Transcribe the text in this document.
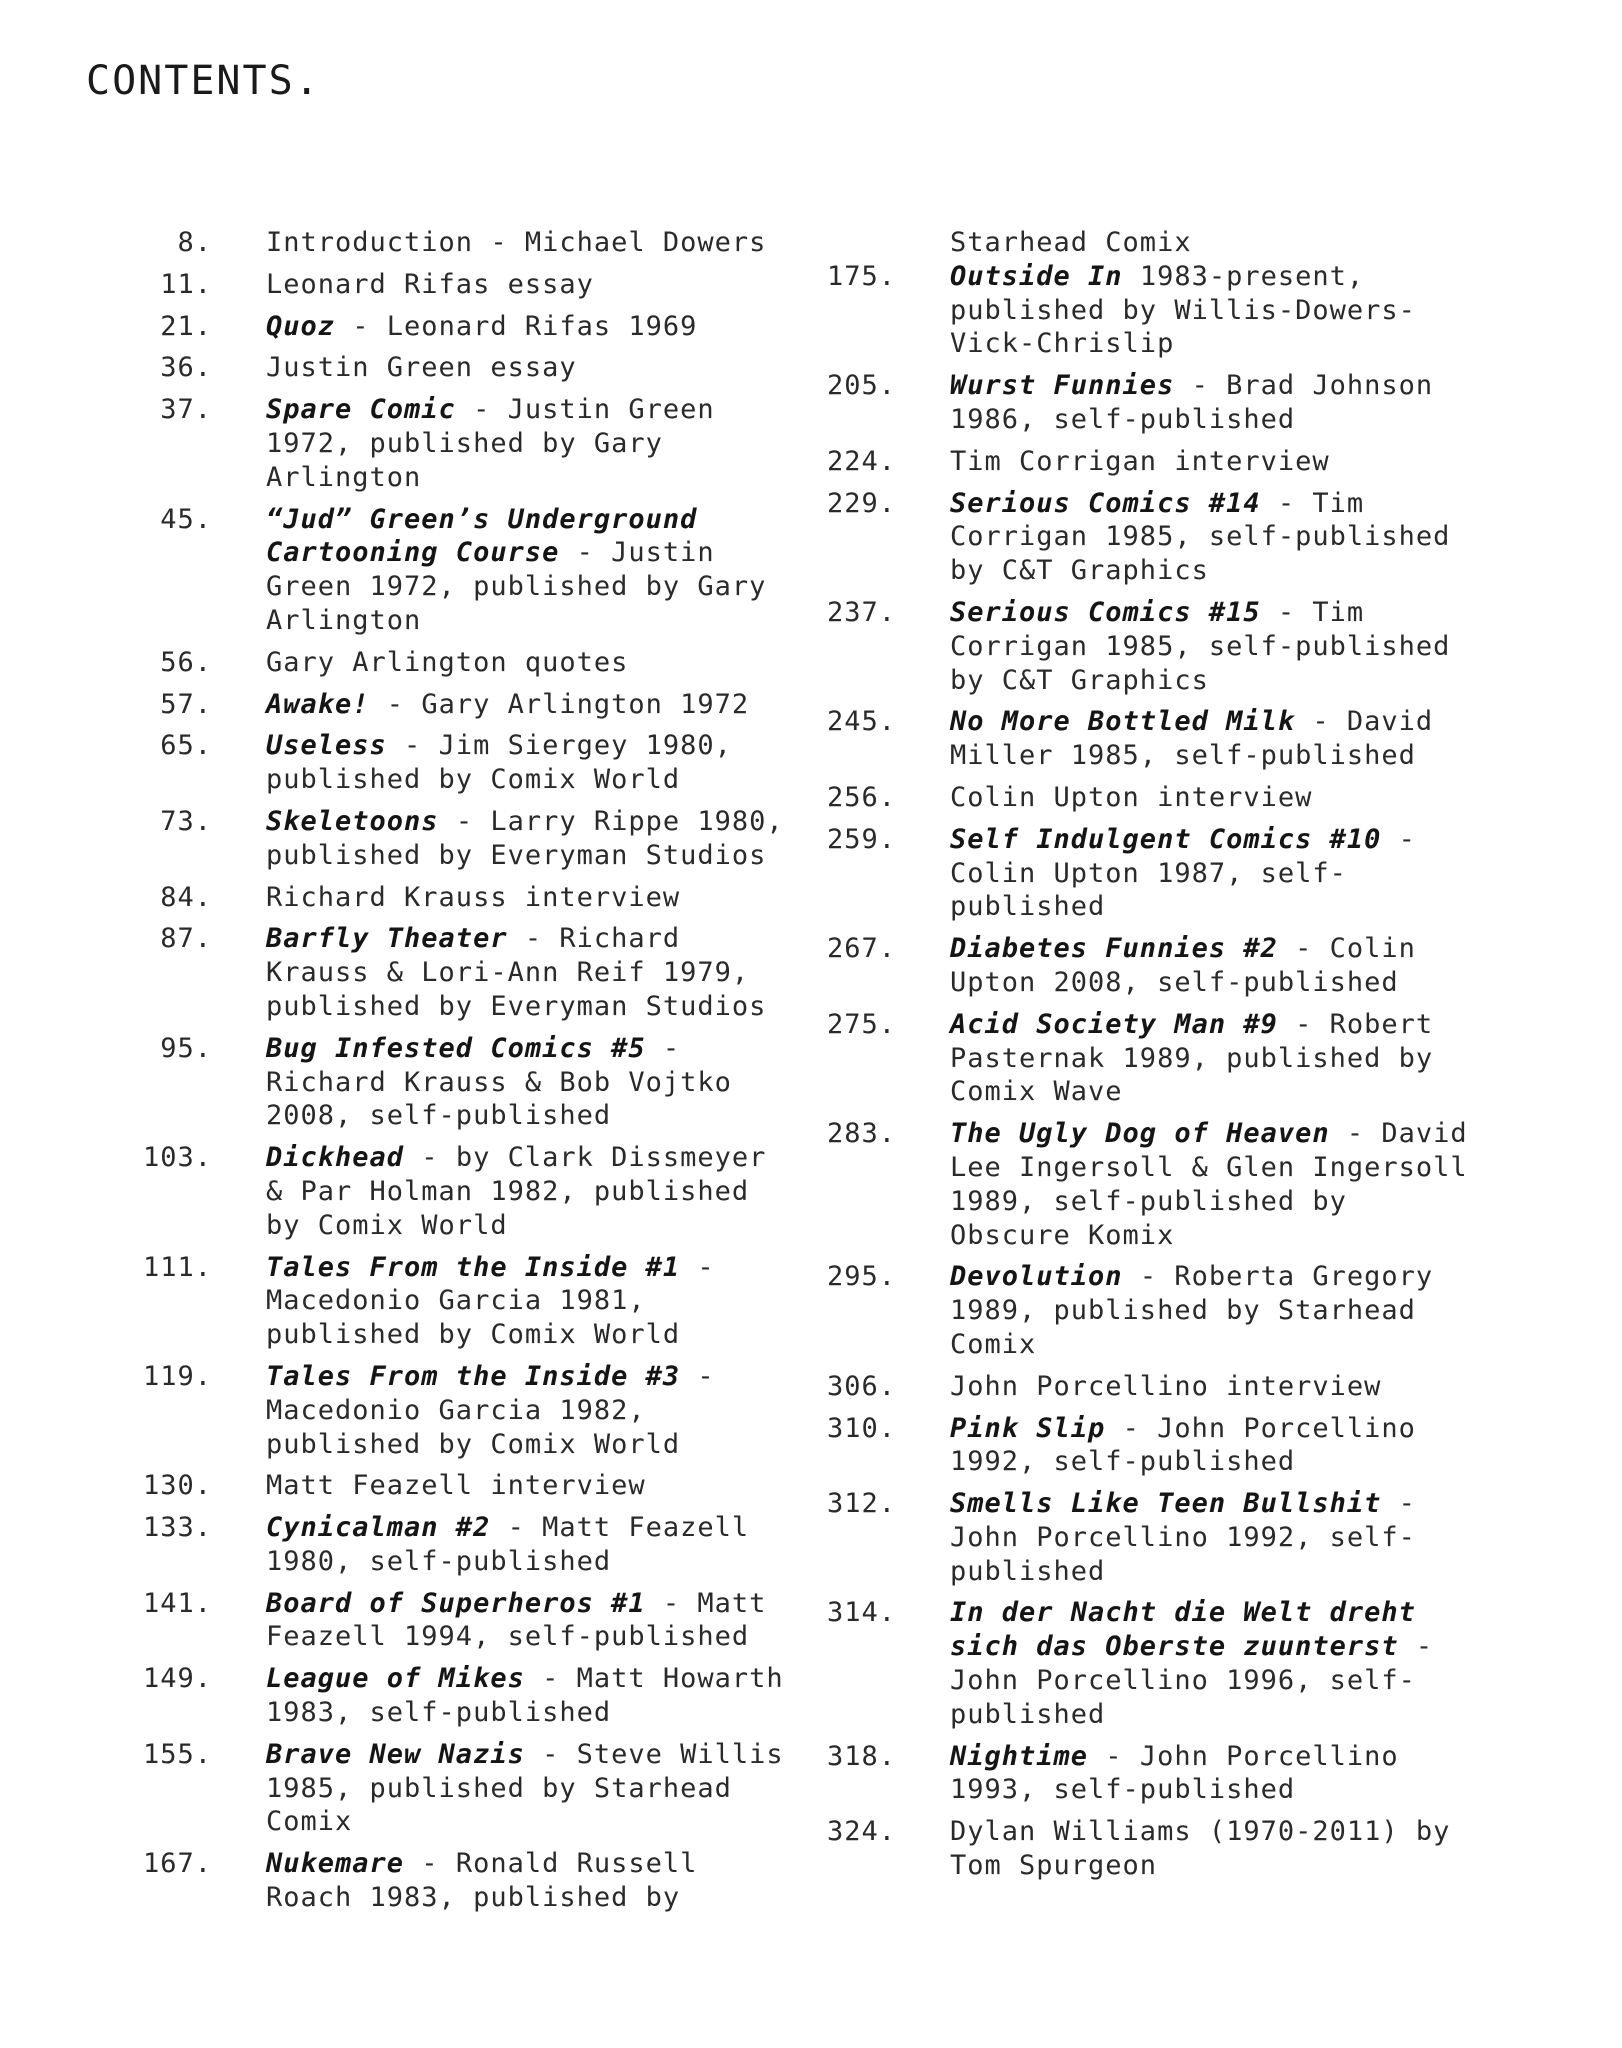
CONTENTS.
8.	Introduction - Michael Dowers
11.	Leonard Rifas essay
21.	Quoz - Leonard Rifas 1969
36.	Justin Green essay
37.	Spare Comic - Justin Green 1972, published by Gary Arlington
45.	“Jud” Green’s Underground Cartooning Course - Justin Green 1972, published by Gary Arlington
56.	Gary Arlington quotes
57.	Awake! - Gary Arlington 1972
65.	Useless - Jim Siergey 1980, published by Comix World
73.	Skeletoons - Larry Rippe 1980, published by Everyman Studios
84.	Richard Krauss interview
87.	Barfly Theater - Richard Krauss & Lori-Ann Reif 1979, published by Everyman Studios
95.	Bug Infested Comics #5 - Richard Krauss & Bob Vojtko 2008, self-published
103.	Dickhead - by Clark Dissmeyer & Par Holman 1982, published by Comix World
111.	Tales From the Inside #1 - Macedonio Garcia 1981, published by Comix World
119.	Tales From the Inside #3 - Macedonio Garcia 1982, published by Comix World
130.	Matt Feazell interview
133.	Cynicalman #2 - Matt Feazell 1980, self-published
141.	Board of Superheros #1 - Matt Feazell 1994, self-published
149.	League of Mikes - Matt Howarth 1983, self-published
155.	Brave New Nazis - Steve Willis 1985, published by Starhead Comix
167.	Nukemare - Ronald Russell Roach 1983, published by
Starhead Comix
175.	Outside In 1983-present, published by Willis-Dowers-Vick-Chrislip
205.	Wurst Funnies - Brad Johnson 1986, self-published
224.	Tim Corrigan interview
229.	Serious Comics #14 - Tim Corrigan 1985, self-published by C&T Graphics
237.	Serious Comics #15 - Tim Corrigan 1985, self-published by C&T Graphics
245.	No More Bottled Milk - David Miller 1985, self-published
256.	Colin Upton interview
259.	Self Indulgent Comics #10 - Colin Upton 1987, self-published
267.	Diabetes Funnies #2 - Colin Upton 2008, self-published
275.	Acid Society Man #9 - Robert Pasternak 1989, published by Comix Wave
283.	The Ugly Dog of Heaven - David Lee Ingersoll & Glen Ingersoll 1989, self-published by Obscure Komix
295.	Devolution - Roberta Gregory 1989, published by Starhead Comix
306.	John Porcellino interview
310.	Pink Slip - John Porcellino 1992, self-published
312.	Smells Like Teen Bullshit - John Porcellino 1992, self-published
314.	In der Nacht die Welt dreht sich das Oberste zuunterst - John Porcellino 1996, self-published
318.	Nightime - John Porcellino 1993, self-published
324.	Dylan Williams (1970-2011) by Tom Spurgeon
